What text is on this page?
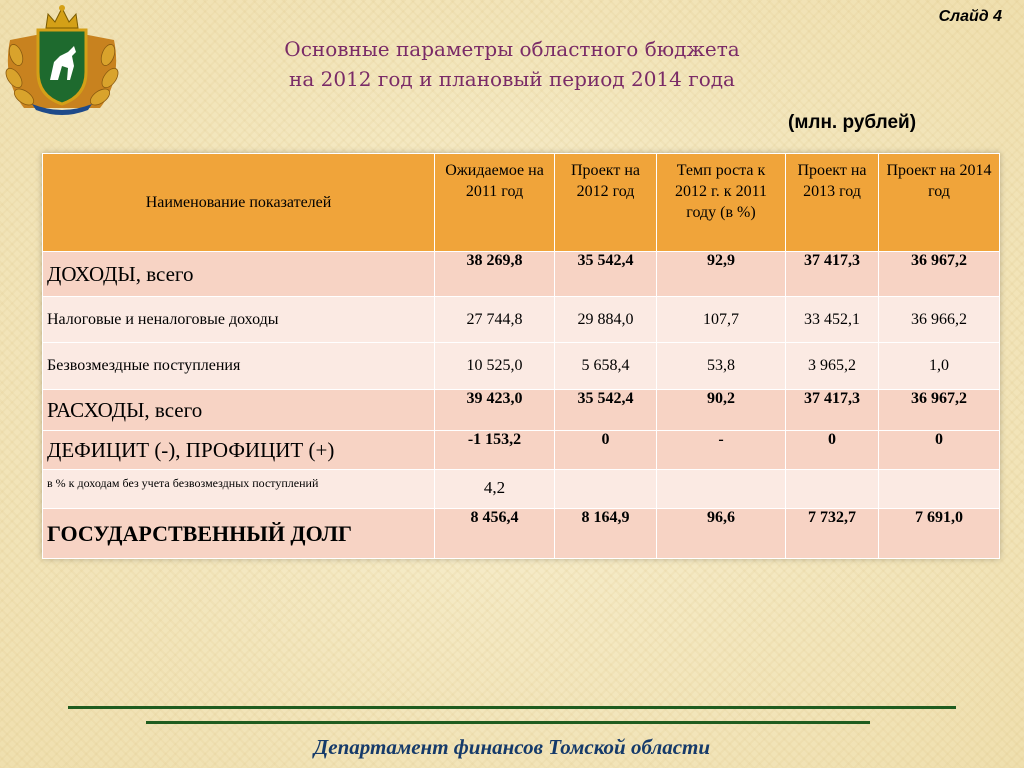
Слайд 4
Основные параметры областного бюджета
на 2012 год и плановый период 2014 года
(млн. рублей)
Наименование показателей	Ожидаемое на 2011 год	Проект на 2012 год	Темп роста к 2012 г. к 2011 году (в %)	Проект на 2013 год	Проект на 2014 год
ДОХОДЫ, всего	38 269,8	35 542,4	92,9	37 417,3	36 967,2
Налоговые и неналоговые доходы	27 744,8	29 884,0	107,7	33 452,1	36 966,2
Безвозмездные поступления	10 525,0	5 658,4	53,8	3 965,2	1,0
РАСХОДЫ, всего	39 423,0	35 542,4	90,2	37 417,3	36 967,2
ДЕФИЦИТ (-), ПРОФИЦИТ (+)	-1 153,2	0	-	0	0
в % к доходам без учета безвозмездных поступлений	4,2				
ГОСУДАРСТВЕННЫЙ ДОЛГ	8 456,4	8 164,9	96,6	7 732,7	7 691,0
Департамент финансов Томской области
